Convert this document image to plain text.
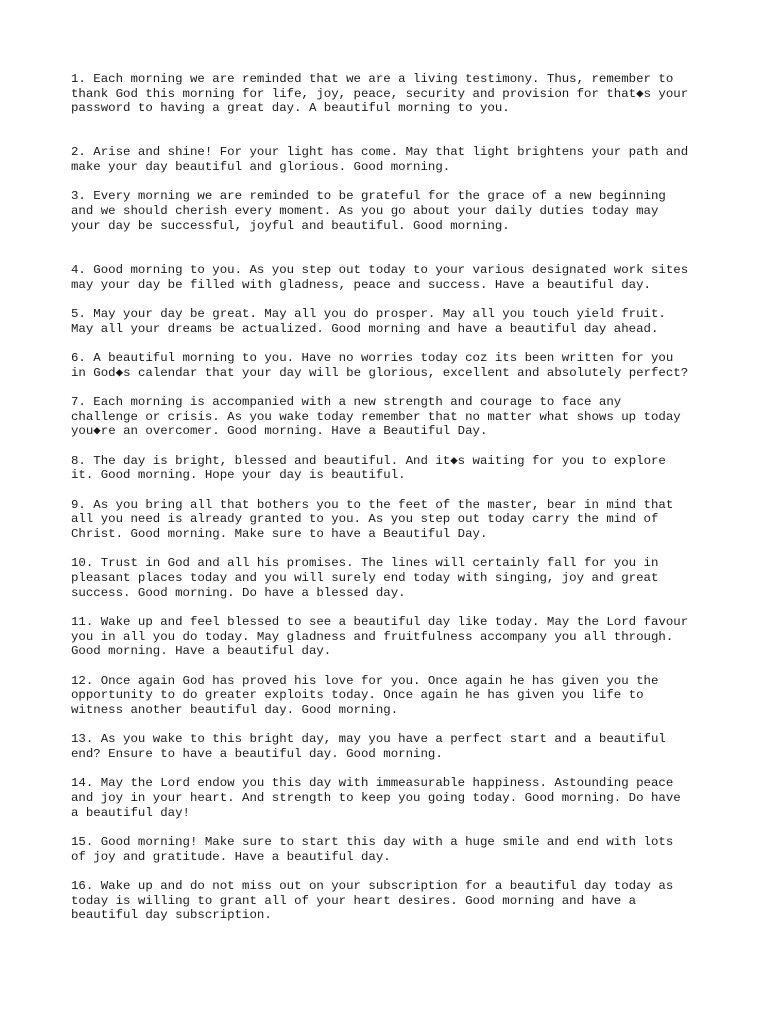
1. Each morning we are reminded that we are a living testimony. Thus, remember to
thank God this morning for life, joy, peace, security and provision for that◆s your
password to having a great day. A beautiful morning to you.

2. Arise and shine! For your light has come. May that light brightens your path and
make your day beautiful and glorious. Good morning.

3. Every morning we are reminded to be grateful for the grace of a new beginning
and we should cherish every moment. As you go about your daily duties today may
your day be successful, joyful and beautiful. Good morning.

4. Good morning to you. As you step out today to your various designated work sites
may your day be filled with gladness, peace and success. Have a beautiful day.

5. May your day be great. May all you do prosper. May all you touch yield fruit.
May all your dreams be actualized. Good morning and have a beautiful day ahead.

6. A beautiful morning to you. Have no worries today coz its been written for you
in God◆s calendar that your day will be glorious, excellent and absolutely perfect?

7. Each morning is accompanied with a new strength and courage to face any
challenge or crisis. As you wake today remember that no matter what shows up today
you◆re an overcomer. Good morning. Have a Beautiful Day.

8. The day is bright, blessed and beautiful. And it◆s waiting for you to explore
it. Good morning. Hope your day is beautiful.

9. As you bring all that bothers you to the feet of the master, bear in mind that
all you need is already granted to you. As you step out today carry the mind of
Christ. Good morning. Make sure to have a Beautiful Day.

10. Trust in God and all his promises. The lines will certainly fall for you in
pleasant places today and you will surely end today with singing, joy and great
success. Good morning. Do have a blessed day.

11. Wake up and feel blessed to see a beautiful day like today. May the Lord favour
you in all you do today. May gladness and fruitfulness accompany you all through.
Good morning. Have a beautiful day.

12. Once again God has proved his love for you. Once again he has given you the
opportunity to do greater exploits today. Once again he has given you life to
witness another beautiful day. Good morning.

13. As you wake to this bright day, may you have a perfect start and a beautiful
end? Ensure to have a beautiful day. Good morning.

14. May the Lord endow you this day with immeasurable happiness. Astounding peace
and joy in your heart. And strength to keep you going today. Good morning. Do have
a beautiful day!

15. Good morning! Make sure to start this day with a huge smile and end with lots
of joy and gratitude. Have a beautiful day.

16. Wake up and do not miss out on your subscription for a beautiful day today as
today is willing to grant all of your heart desires. Good morning and have a
beautiful day subscription.
